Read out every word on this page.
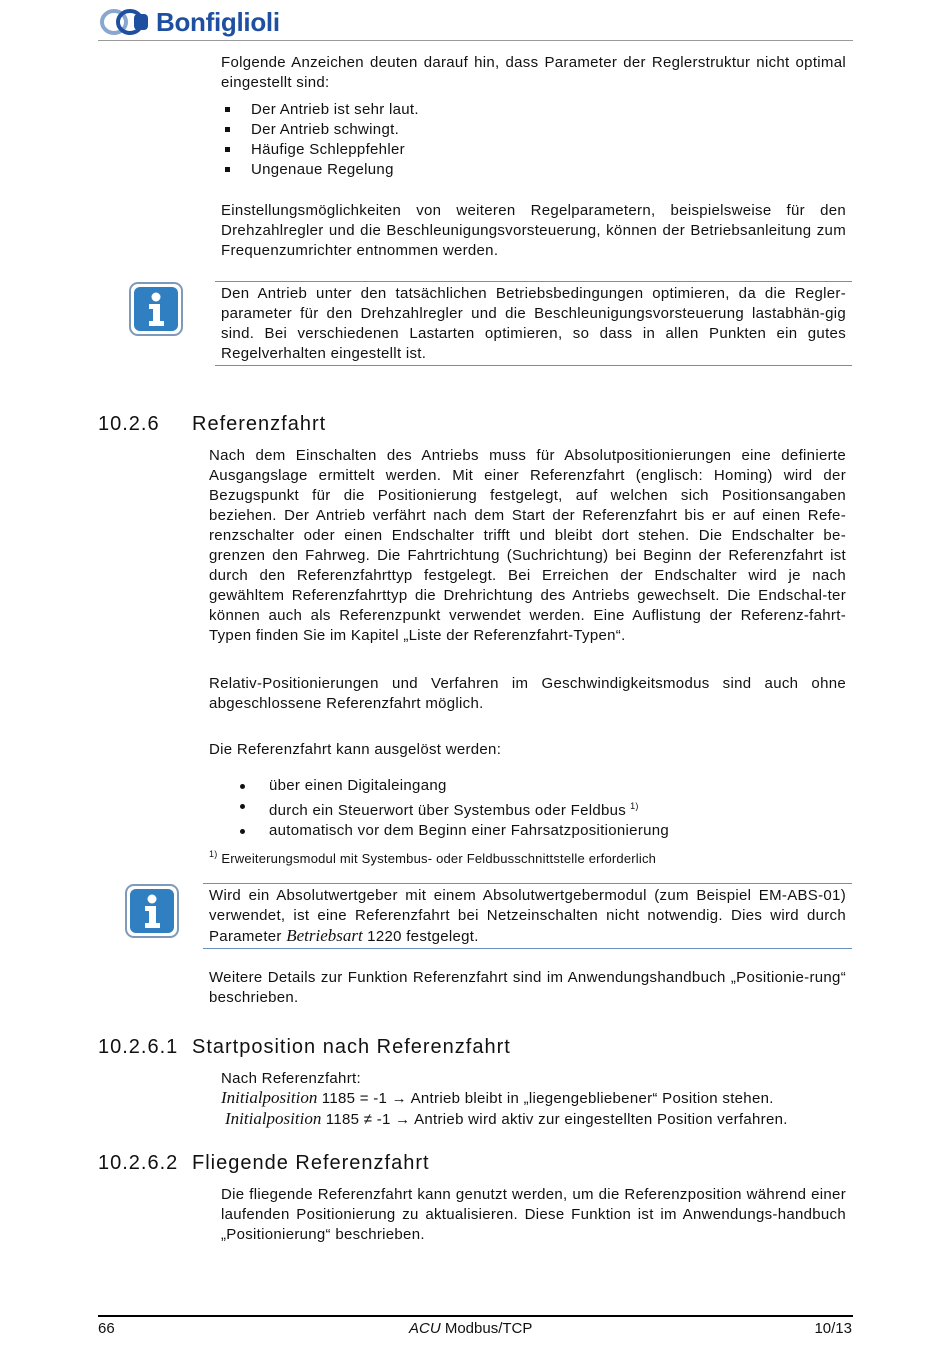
Bonfiglioli

Folgende Anzeichen deuten darauf hin, dass Parameter der Reglerstruktur nicht optimal eingestellt sind:

Der Antrieb ist sehr laut.
Der Antrieb schwingt.
Häufige Schleppfehler
Ungenaue Regelung

Einstellungsmöglichkeiten von weiteren Regelparametern, beispielsweise für den Drehzahlregler und die Beschleunigungsvorsteuerung, können der Betriebsanleitung zum Frequenzumrichter entnommen werden.

Den Antrieb unter den tatsächlichen Betriebsbedingungen optimieren, da die Regler-parameter für den Drehzahlregler und die Beschleunigungsvorsteuerung lastabhän-gig sind. Bei verschiedenen Lastarten optimieren, so dass in allen Punkten ein gutes Regelverhalten eingestellt ist.

10.2.6 Referenzfahrt

Nach dem Einschalten des Antriebs muss für Absolutpositionierungen eine definierte Ausgangslage ermittelt werden. Mit einer Referenzfahrt (englisch: Homing) wird der Bezugspunkt für die Positionierung festgelegt, auf welchen sich Positionsangaben beziehen. Der Antrieb verfährt nach dem Start der Referenzfahrt bis er auf einen Refe-renzschalter oder einen Endschalter trifft und bleibt dort stehen. Die Endschalter be-grenzen den Fahrweg. Die Fahrtrichtung (Suchrichtung) bei Beginn der Referenzfahrt ist durch den Referenzfahrttyp festgelegt. Bei Erreichen der Endschalter wird je nach gewähltem Referenzfahrttyp die Drehrichtung des Antriebs gewechselt. Die Endschal-ter können auch als Referenzpunkt verwendet werden. Eine Auflistung der Referenz-fahrt-Typen finden Sie im Kapitel „Liste der Referenzfahrt-Typen“.

Relativ-Positionierungen und Verfahren im Geschwindigkeitsmodus sind auch ohne abgeschlossene Referenzfahrt möglich.

Die Referenzfahrt kann ausgelöst werden:

über einen Digitaleingang
durch ein Steuerwort über Systembus oder Feldbus $^{1)}$
automatisch vor dem Beginn einer Fahrsatzpositionierung

$^{1)}$ Erweiterungsmodul mit Systembus- oder Feldbusschnittstelle erforderlich

Wird ein Absolutwertgeber mit einem Absolutwertgebermodul (zum Beispiel EM-ABS-01) verwendet, ist eine Referenzfahrt bei Netzeinschalten nicht notwendig. Dies wird durch Parameter Betriebsart 1220 festgelegt.

Weitere Details zur Funktion Referenzfahrt sind im Anwendungshandbuch „Positionie-rung“ beschrieben.

10.2.6.1 Startposition nach Referenzfahrt

Nach Referenzfahrt:

Initialposition 1185 = -1 → Antrieb bleibt in „liegengebliebener“ Position stehen.

Initialposition 1185 ≠ -1 → Antrieb wird aktiv zur eingestellten Position verfahren.

10.2.6.2 Fliegende Referenzfahrt

Die fliegende Referenzfahrt kann genutzt werden, um die Referenzposition während einer laufenden Positionierung zu aktualisieren. Diese Funktion ist im Anwendungs-handbuch „Positionierung“ beschrieben.

66	ACU Modbus/TCP	10/13
